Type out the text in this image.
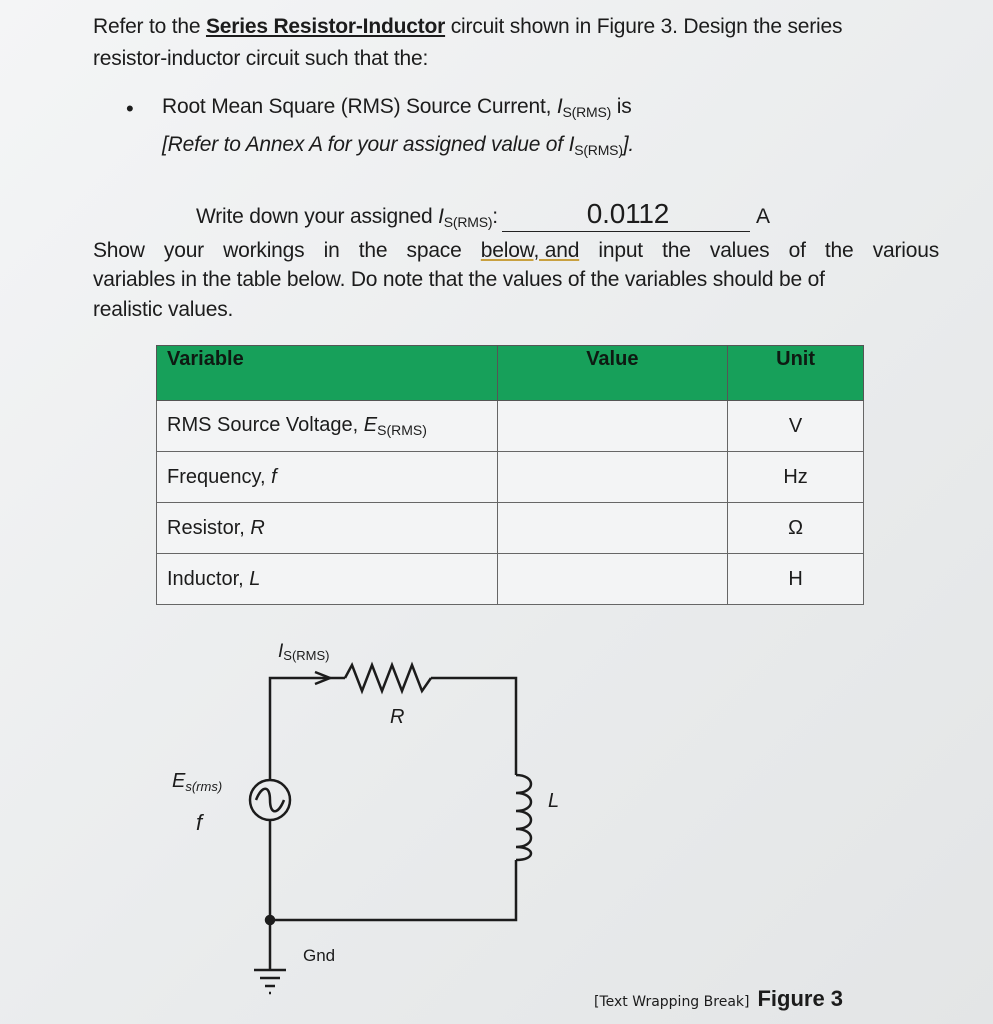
Refer to the Series Resistor-Inductor circuit shown in Figure 3. Design the series
resistor-inductor circuit such that the:
• Root Mean Square (RMS) Source Current, $I_{S(RMS)}$ is
[Refer to Annex A for your assigned value of $I_{S(RMS)}$].
Write down your assigned $I_{S(RMS)}$:	0.0112	A
Show your workings in the space below, and input the values of the various
variables in the table below. Do note that the values of the variables should be of
realistic values.
Variable	Value	Unit
RMS Source Voltage, $E_{S(RMS)}$		V
Frequency, f		Hz
Resistor, R		Ω
Inductor, L		H
IS(RMS)
R
L
$E_{s(rms)}$
f
Gnd
[Text Wrapping Break] Figure 3
